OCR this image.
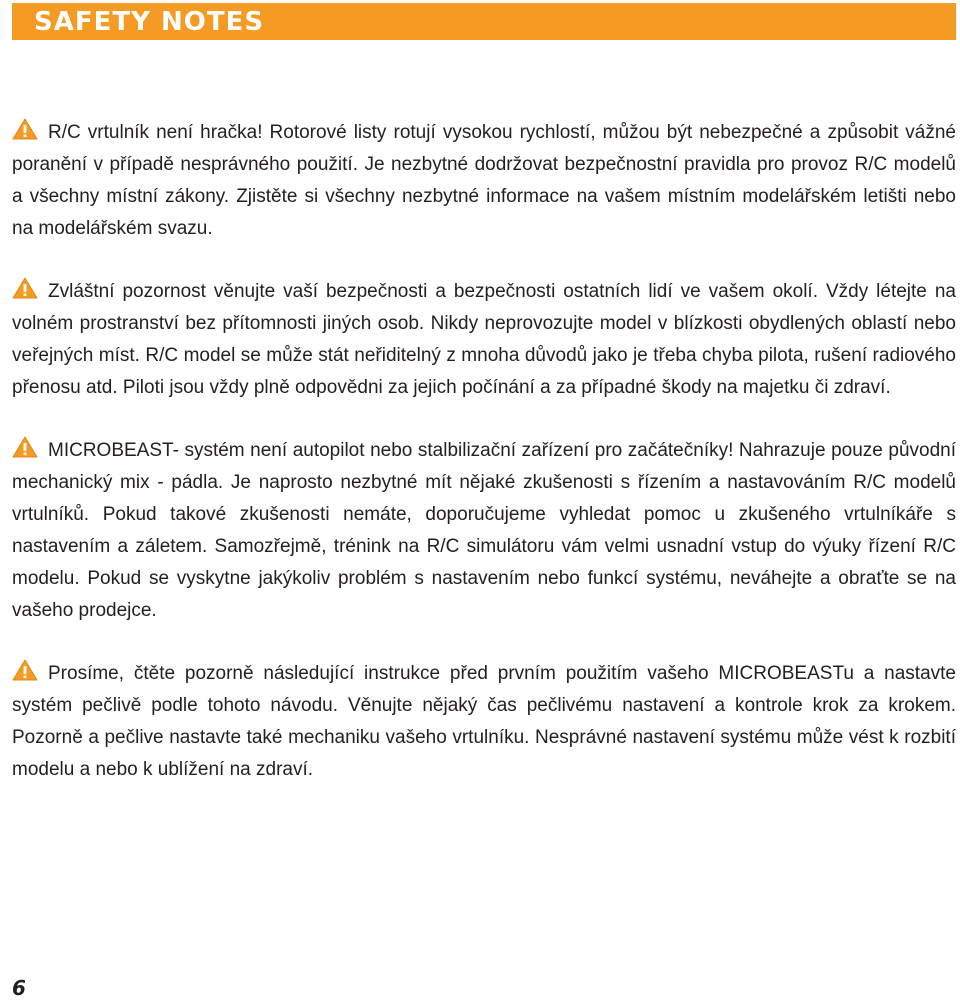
SAFETY NOTES

R/C vrtulník není hračka! Rotorové listy rotují vysokou rychlostí, můžou být nebezpečné a způsobit vážné poranění v případě nesprávného použití. Je nezbytné dodržovat bezpečnostní pravidla pro provoz R/C modelů a všechny místní zákony. Zjistěte si všechny nezbytné informace na vašem místním modelářském letišti nebo na modelářském svazu.

Zvláštní pozornost věnujte vaší bezpečnosti a bezpečnosti ostatních lidí ve vašem okolí. Vždy létejte na volném prostranství bez přítomnosti jiných osob. Nikdy neprovozujte model v blízkosti obydlených oblastí nebo veřejných míst. R/C model se může stát neřiditelný z mnoha důvodů jako je třeba chyba pilota, rušení radiového přenosu atd. Piloti jsou vždy plně odpovědni za jejich počínání a za případné škody na majetku či zdraví.

MICROBEAST- systém není autopilot nebo stalbilizační zařízení pro začátečníky! Nahrazuje pouze původní mechanický mix - pádla. Je naprosto nezbytné mít nějaké zkušenosti s řízením a nastavováním R/C modelů vrtulníků. Pokud takové zkušenosti nemáte, doporučujeme vyhledat pomoc u zkušeného vrtulníkáře s nastavením a záletem. Samozřejmě, trénink na R/C simulátoru vám velmi usnadní vstup do výuky řízení R/C modelu. Pokud se vyskytne jakýkoliv problém s nastavením nebo funkcí systému, neváhejte a obraťte se na vašeho prodejce.

Prosíme, čtěte pozorně následující instrukce před prvním použitím vašeho MICROBEASTu a nastavte systém pečlivě podle tohoto návodu. Věnujte nějaký čas pečlivému nastavení a kontrole krok za krokem. Pozorně a pečlive nastavte také mechaniku vašeho vrtulníku. Nesprávné nastavení systému může vést k rozbití modelu a nebo k ublížení na zdraví.

6
